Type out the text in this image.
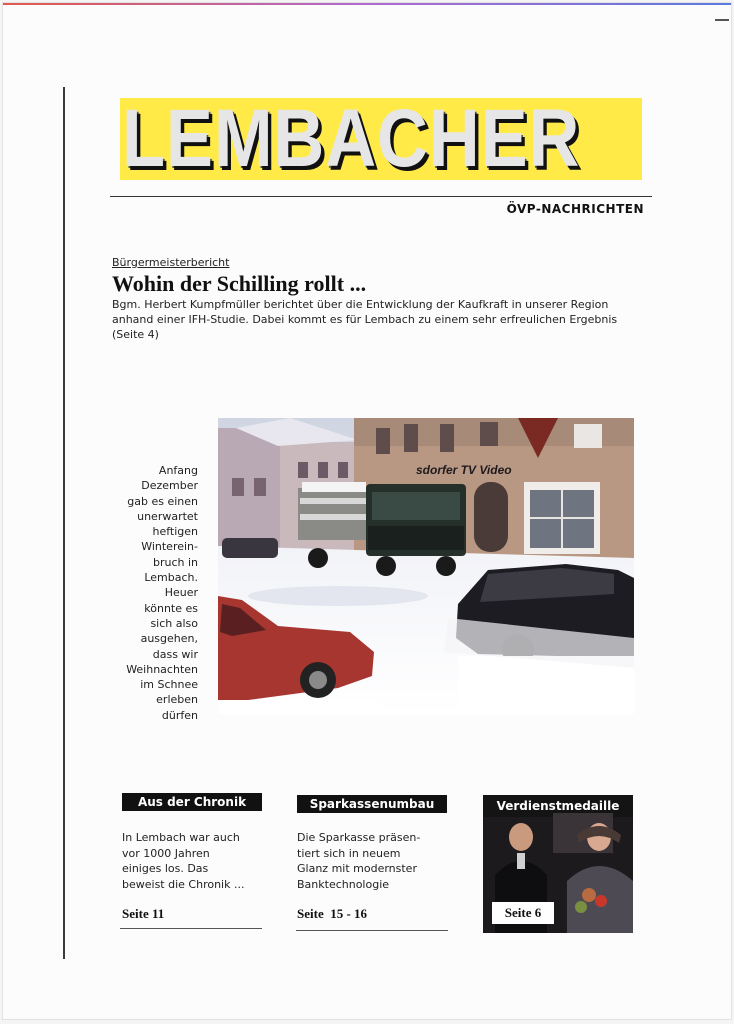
LEMBACHER
ÖVP-NACHRICHTEN
Bürgermeisterbericht
Wohin der Schilling rollt ...
Bgm. Herbert Kumpfmüller berichtet über die Entwicklung der Kaufkraft in unserer Region anhand einer IFH-Studie. Dabei kommt es für Lembach zu einem sehr erfreulichen Ergebnis (Seite 4)
Anfang
Dezember
gab es einen
unerwartet
heftigen
Winterein-
bruch in
Lembach.
Heuer
könnte es
sich also
ausgehen,
dass wir
Weihnachten
im Schnee
erleben
dürfen
sdorfer TV Video
Aus der Chronik
In Lembach war auch
vor 1000 Jahren
einiges los. Das
beweist die Chronik ...
Seite 11
Sparkassenumbau
Die Sparkasse präsen-
tiert sich in neuem
Glanz mit modernster
Banktechnologie
Seite  15 - 16
Verdienstmedaille
Seite 6
